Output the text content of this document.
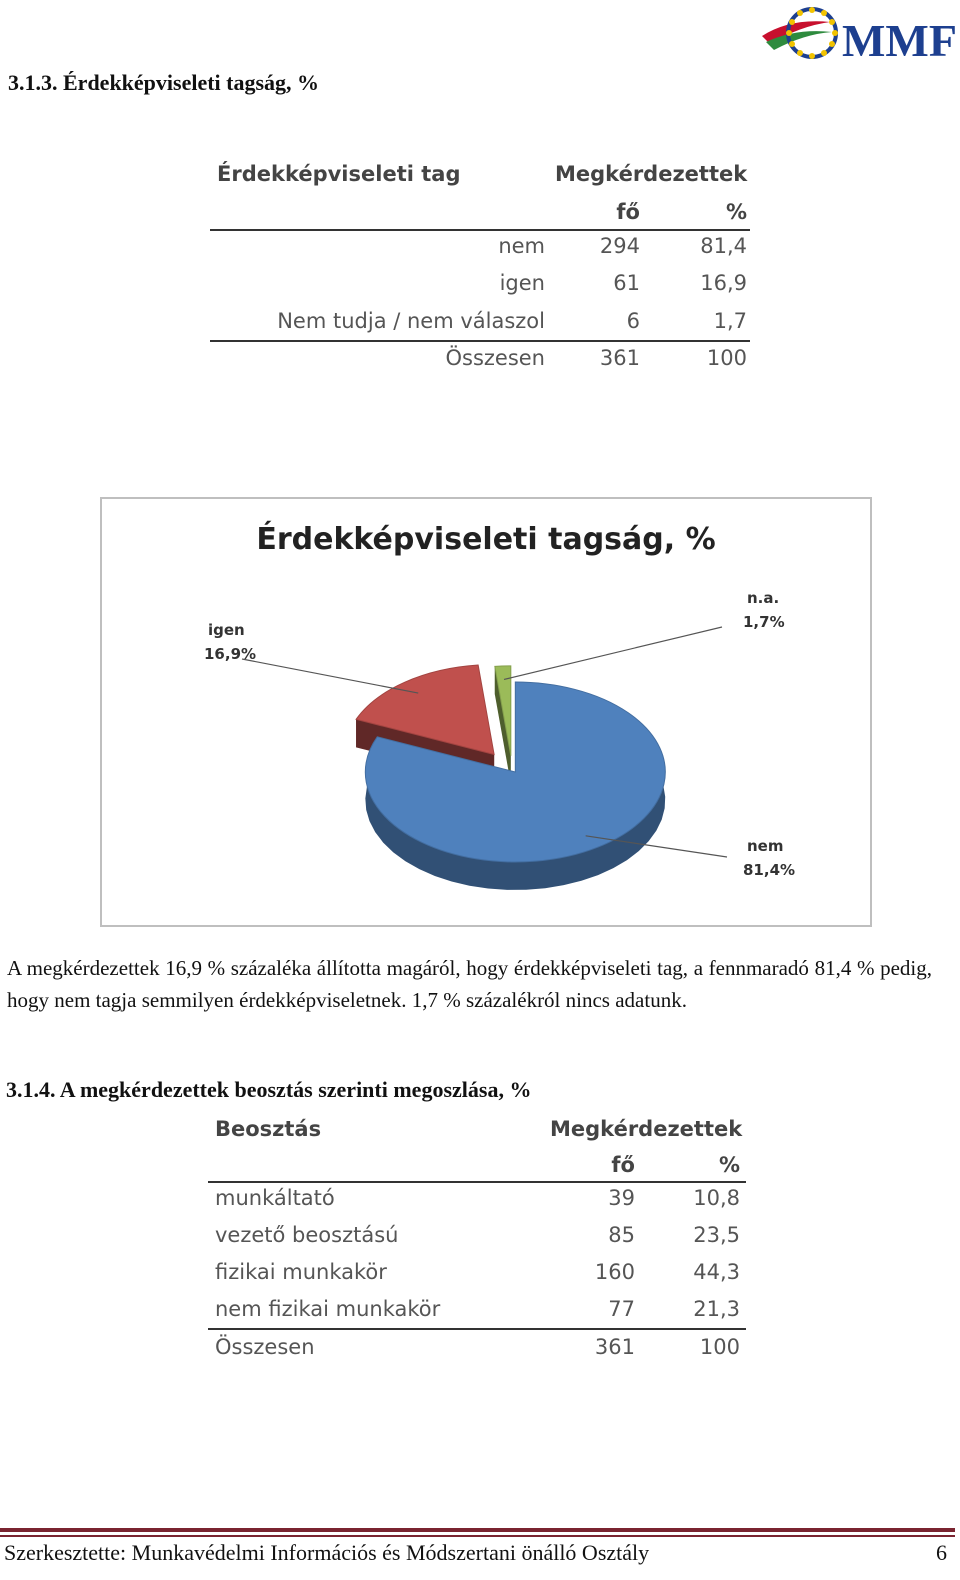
MMF
3.1.3. Érdekképviseleti tagság, %
Érdekképviseleti tag	Megkérdezettek
fő	%
nem	294	81,4
igen	61	16,9
Nem tudja / nem válaszol	6	1,7
Összesen	361	100
Érdekképviseleti tagság, %
nem
81,4%
igen
16,9%
n.a.
1,7%

A megkérdezettek 16,9 % százaléka állította magáról, hogy érdekképviseleti tag, a fennmaradó 81,4 % pedig, hogy nem tagja semmilyen érdekképviseletnek. 1,7 % százalékról nincs adatunk.

3.1.4. A megkérdezettek beosztás szerinti megoszlása, %
Beosztás	Megkérdezettek
fő	%
munkáltató	39	10,8
vezető beosztású	85	23,5
fizikai munkakör	160	44,3
nem fizikai munkakör	77	21,3
Összesen	361	100
Szerkesztette: Munkavédelmi Információs és Módszertani önálló Osztály	6
